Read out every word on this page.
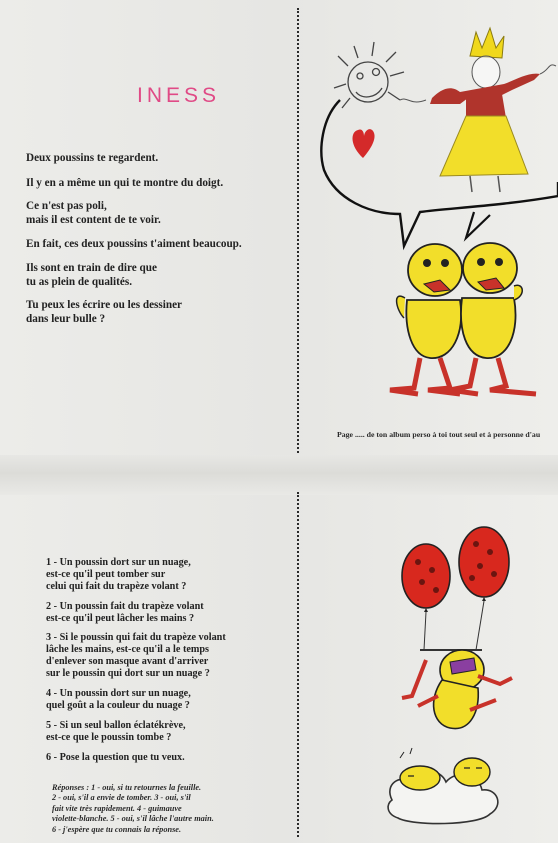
INESS

Deux poussins te regardent.

Il y en a même un qui te montre du doigt.

Ce n'est pas poli,
mais il est content de te voir.

En fait, ces deux poussins t'aiment beaucoup.

Ils sont en train de dire que
tu as plein de qualités.

Tu peux les écrire ou les dessiner
dans leur bulle ?

Page ..... de ton album perso à toi tout seul et à personne d'au

1 - Un poussin dort sur un nuage,
est-ce qu'il peut tomber sur
celui qui fait du trapèze volant ?

2 - Un poussin fait du trapèze volant
est-ce qu'il peut lâcher les mains ?

3 - Si le poussin qui fait du trapèze volant
lâche les mains, est-ce qu'il a le temps
d'enlever son masque avant d'arriver
sur le poussin qui dort sur un nuage ?

4 - Un poussin dort sur un nuage,
quel goût a la couleur du nuage ?

5 - Si un seul ballon éclatékrève,
est-ce que le poussin tombe ?

6 - Pose la question que tu veux.

Réponses : 1 - oui, si tu retournes la feuille.
2 - oui, s'il a envie de tomber. 3 - oui, s'il
fait vite très rapidement. 4 - guimauve
violette-blanche. 5 - oui, s'il lâche l'autre main.
6 - j'espère que tu connais la réponse.
